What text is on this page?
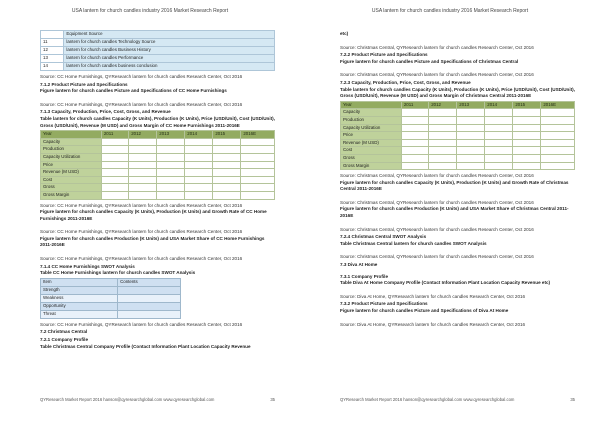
USA lantern for church candles industry 2016 Market Research Report
	Equipment Source
11	lantern for church candles Technology Source
12	lantern for church candles Business History
13	lantern for church candles Performance
14	lantern for church candles business conclusion

Source: CC Home Furnishings, QYResearch lantern for church candles Research Center, Oct 2016

7.1.2 Product Picture and Specifications

Figure lantern for church candles Picture and Specifications of CC Home Furnishings

Source: CC Home Furnishings, QYResearch lantern for church candles Research Center, Oct 2016

7.1.3 Capacity, Production, Price, Cost, Gross, and Revenue

Table lantern for church candles Capacity (K Units), Production (K Units), Price (USD/Unit), Cost (USD/Unit), Gross (USD/Unit), Revenue (M USD) and Gross Margin of CC Home Furnishings 2011-2016E

Year	2011	2012	2013	2014	2015	2016E
Capacity						
Production						
Capacity Utilization						
Price						
Revenue (M USD)						
Cost						
Gross						
Gross Margin						

Source: CC Home Furnishings, QYResearch lantern for church candles Research Center, Oct 2016

Figure lantern for church candles Capacity (K Units), Production (K Units) and Growth Rate of CC Home Furnishings 2011-2016E

Source: CC Home Furnishings, QYResearch lantern for church candles Research Center, Oct 2016

Figure lantern for church candles Production (K Units) and USA Market Share of CC Home Furnishings 2011-2016E

Source: CC Home Furnishings, QYResearch lantern for church candles Research Center, Oct 2016

7.1.4 CC Home Furnishings SWOT Analysis

Table CC Home Furnishings lantern for church candles SWOT Analysis

Item	Contents
Strength	
Weakness	
Opportunity	
Threat	

Source: CC Home Furnishings, QYResearch lantern for church candles Research Center, Oct 2016

7.2 Christmas Central

7.2.1 Company Profile

Table Christmas Central Company Profile (Contact Information Plant Location Capacity Revenue

QYResearch Market Report 2016 hanson@qyresearchglobal.com www.qyresearchglobal.com	35
USA lantern for church candles industry 2016 Market Research Report

etc)

Source: Christmas Central, QYResearch lantern for church candles Research Center, Oct 2016

7.2.2 Product Picture and Specifications

Figure lantern for church candles Picture and Specifications of Christmas Central

Source: Christmas Central, QYResearch lantern for church candles Research Center, Oct 2016

7.2.3 Capacity, Production, Price, Cost, Gross, and Revenue

Table lantern for church candles Capacity (K Units), Production (K Units), Price (USD/Unit), Cost (USD/Unit), Gross (USD/Unit), Revenue (M USD) and Gross Margin of Christmas Central 2011-2016E

Year	2011	2012	2013	2014	2015	2016E
Capacity						
Production						
Capacity Utilization						
Price						
Revenue (M USD)						
Cost						
Gross						
Gross Margin						

Source: Christmas Central, QYResearch lantern for church candles Research Center, Oct 2016

Figure lantern for church candles Capacity (K Units), Production (K Units) and Growth Rate of Christmas Central 2011-2016E

Source: Christmas Central, QYResearch lantern for church candles Research Center, Oct 2016

Figure lantern for church candles Production (K Units) and USA Market Share of Christmas Central 2011-2016E

Source: Christmas Central, QYResearch lantern for church candles Research Center, Oct 2016

7.2.4 Christmas Central SWOT Analysis

Table Christmas Central lantern for church candles SWOT Analysis

Source: Christmas Central, QYResearch lantern for church candles Research Center, Oct 2016

7.3 Diva At Home

7.3.1 Company Profile

Table Diva At Home Company Profile (Contact Information Plant Location Capacity Revenue etc)

Source: Diva At Home, QYResearch lantern for church candles Research Center, Oct 2016

7.3.2 Product Picture and Specifications

Figure lantern for church candles Picture and Specifications of Diva At Home

Source: Diva At Home, QYResearch lantern for church candles Research Center, Oct 2016

QYResearch Market Report 2016 hanson@qyresearchglobal.com www.qyresearchglobal.com	35
